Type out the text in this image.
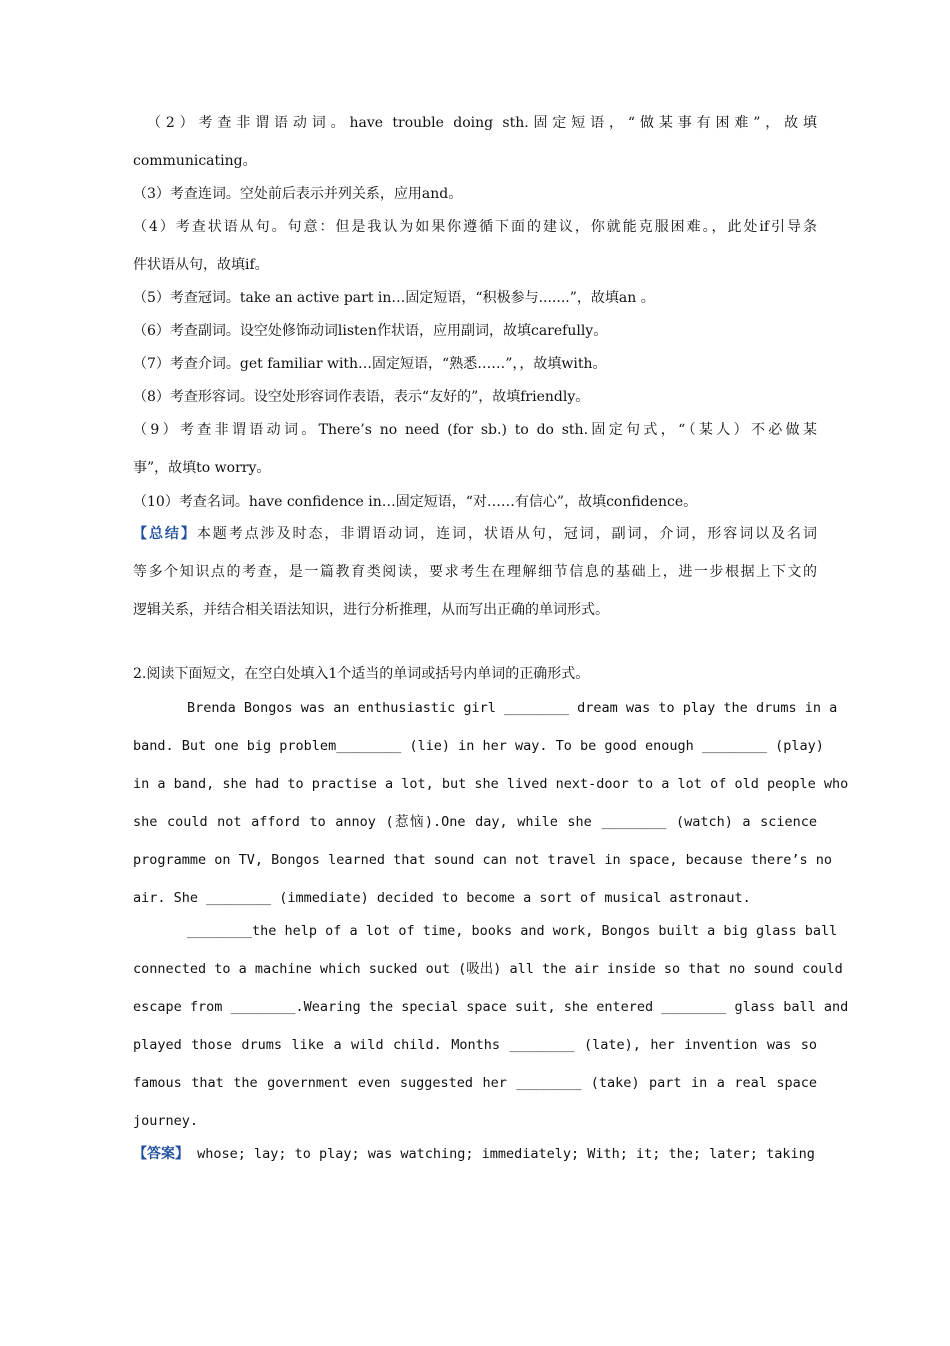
（2）考查非谓语动词。have trouble doing sth.固定短语，“做某事有困难”，故填
communicating。
（3）考查连词。空处前后表示并列关系，应用and。
（4）考查状语从句。句意：但是我认为如果你遵循下面的建议，你就能克服困难。，此处if引导条
件状语从句，故填if。
（5）考查冠词。take an active part in…固定短语，“积极参与.......”，故填an 。
（6）考查副词。设空处修饰动词listen作状语，应用副词，故填carefully。
（7）考查介词。get familiar with…固定短语，“熟悉……”，，故填with。
（8）考查形容词。设空处形容词作表语，表示“友好的”，故填friendly。
（9）考查非谓语动词。There’s no need (for sb.) to do sth.固定句式，“（某人）不必做某
事”，故填to worry。
（10）考查名词。have confidence in…固定短语，“对……有信心”，故填confidence。
【总结】本题考点涉及时态，非谓语动词，连词，状语从句，冠词，副词，介词，形容词以及名词
等多个知识点的考查，是一篇教育类阅读，要求考生在理解细节信息的基础上，进一步根据上下文的
逻辑关系，并结合相关语法知识，进行分析推理，从而写出正确的单词形式。
2.阅读下面短文，在空白处填入1个适当的单词或括号内单词的正确形式。
Brenda Bongos was an enthusiastic girl ________ dream was to play the drums in a
band. But one big problem________ (lie) in her way. To be good enough ________ (play)
in a band, she had to practise a lot, but she lived next-door to a lot of old people who
she could not afford to annoy (惹恼).One day, while she ________ (watch) a science
programme on TV, Bongos learned that sound can not travel in space, because there’s no
air. She ________ (immediate) decided to become a sort of musical astronaut.
________the help of a lot of time, books and work, Bongos built a big glass ball
connected to a machine which sucked out (吸出) all the air inside so that no sound could
escape from ________.Wearing the special space suit, she entered ________ glass ball and
played those drums like a wild child. Months ________ (late), her invention was so
famous that the government even suggested her ________ (take) part in a real space
journey.
【答案】 whose; lay; to play; was watching; immediately; With; it; the; later; taking
